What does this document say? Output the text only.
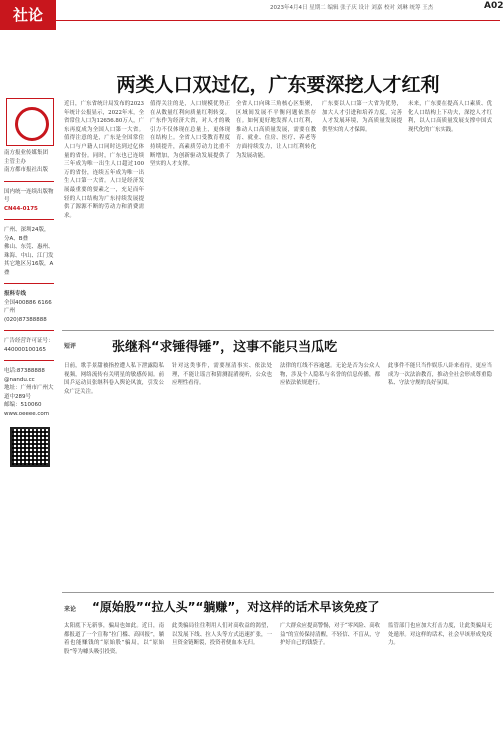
社论	2023年4月4日 星期二 编辑 张子庆 设计 刘嘉 校对 刘琳 统筹 王杰	A02
南方报业传媒集团
主管主办
南方都市报社出版
国内统一连续出版物号
CN44-0175
广州、深圳24版，分A、B叠
佛山、东莞、惠州、珠海、中山、江门发其它地区另16版，A叠
报料专线
全国400886 6166
广州(020)87388888
广告经营许可证号：
440000100165
电话:87388888
@nandu.cc
地址：广州市广州大道中289号
邮编：510060
www.oeeee.com
两类人口双过亿，广东要深挖人才红利
近日，广东省统计局发布的2023年统计公报显示，2022年末，全省常住人口为12656.80万人，广东再度成为全国人口第一大省。值得注意的是，广东是全国常住人口与户籍人口同时达到过亿体量的省份。同时，广东也已连续三年成为唯一出生人口超过100万的省份，连续五年成为唯一出生人口第一大省。人口是经济发展最重要的要素之一，充足而年轻的人口结构为广东持续发展提供了源源不断的劳动力和消费需求。
值得关注的是，人口规模优势正在从数量红利向质量红利转变。广东作为经济大省，对人才的吸引力不仅体现在总量上，更体现在结构上。全省人口受教育程度持续提升，高素质劳动力比重不断增加，为创新驱动发展提供了坚实的人才支撑。
全省人口向珠三角核心区集聚，区域间发展不平衡问题依然存在。如何更好地发挥人口红利，推动人口高质量发展，需要在教育、就业、住房、医疗、养老等方面持续发力，让人口红利转化为发展动能。
广东要以人口第一大省为优势，加大人才引进和培养力度，完善人才发展环境，为高质量发展提供坚实的人才保障。
未来，广东要在提高人口素质、优化人口结构上下功夫，深挖人才红利，以人口高质量发展支撑中国式现代化的广东实践。
短评	张继科“求锤得锤”，这事不能只当瓜吃
日前，歌手景甜被指控遭人私下泄露隐私视频，网络流传有关明星的敏感传闻。前国乒运动员张继科卷入舆论风波，引发公众广泛关注。
针对这类事件，需要厘清事实、依法处理，不能让谣言和猜测混淆视听，公众也应理性看待。
法律的红线不容逾越。无论是否为公众人物，涉及个人隐私与名誉的信息传播，都应依法依规进行。
此事件不能只当作娱乐八卦来看待，更应当成为一次法治教育，推动全社会形成尊重隐私、守法守规的良好氛围。
来论 “原始股”“拉人头”“躺赚”，对这样的话术早该免疫了
太阳底下无新事，骗局也如此。近日，南都报道了一个宣称“拉门槛、高回报”，躺着也能赚钱的“原始股”骗局，以“原始股”等为噱头吸引投资。
此类骗局往往利用人们对高收益的渴望，以发展下线、拉人头等方式迅速扩张，一旦资金链断裂，投资者便血本无归。
广大群众应提高警惕，对于“零风险、高收益”的宣传保持清醒，不轻信、不盲从，守护好自己的钱袋子。
监管部门也应加大打击力度，让此类骗局无处遁形。对这样的话术，社会早该形成免疫力。
